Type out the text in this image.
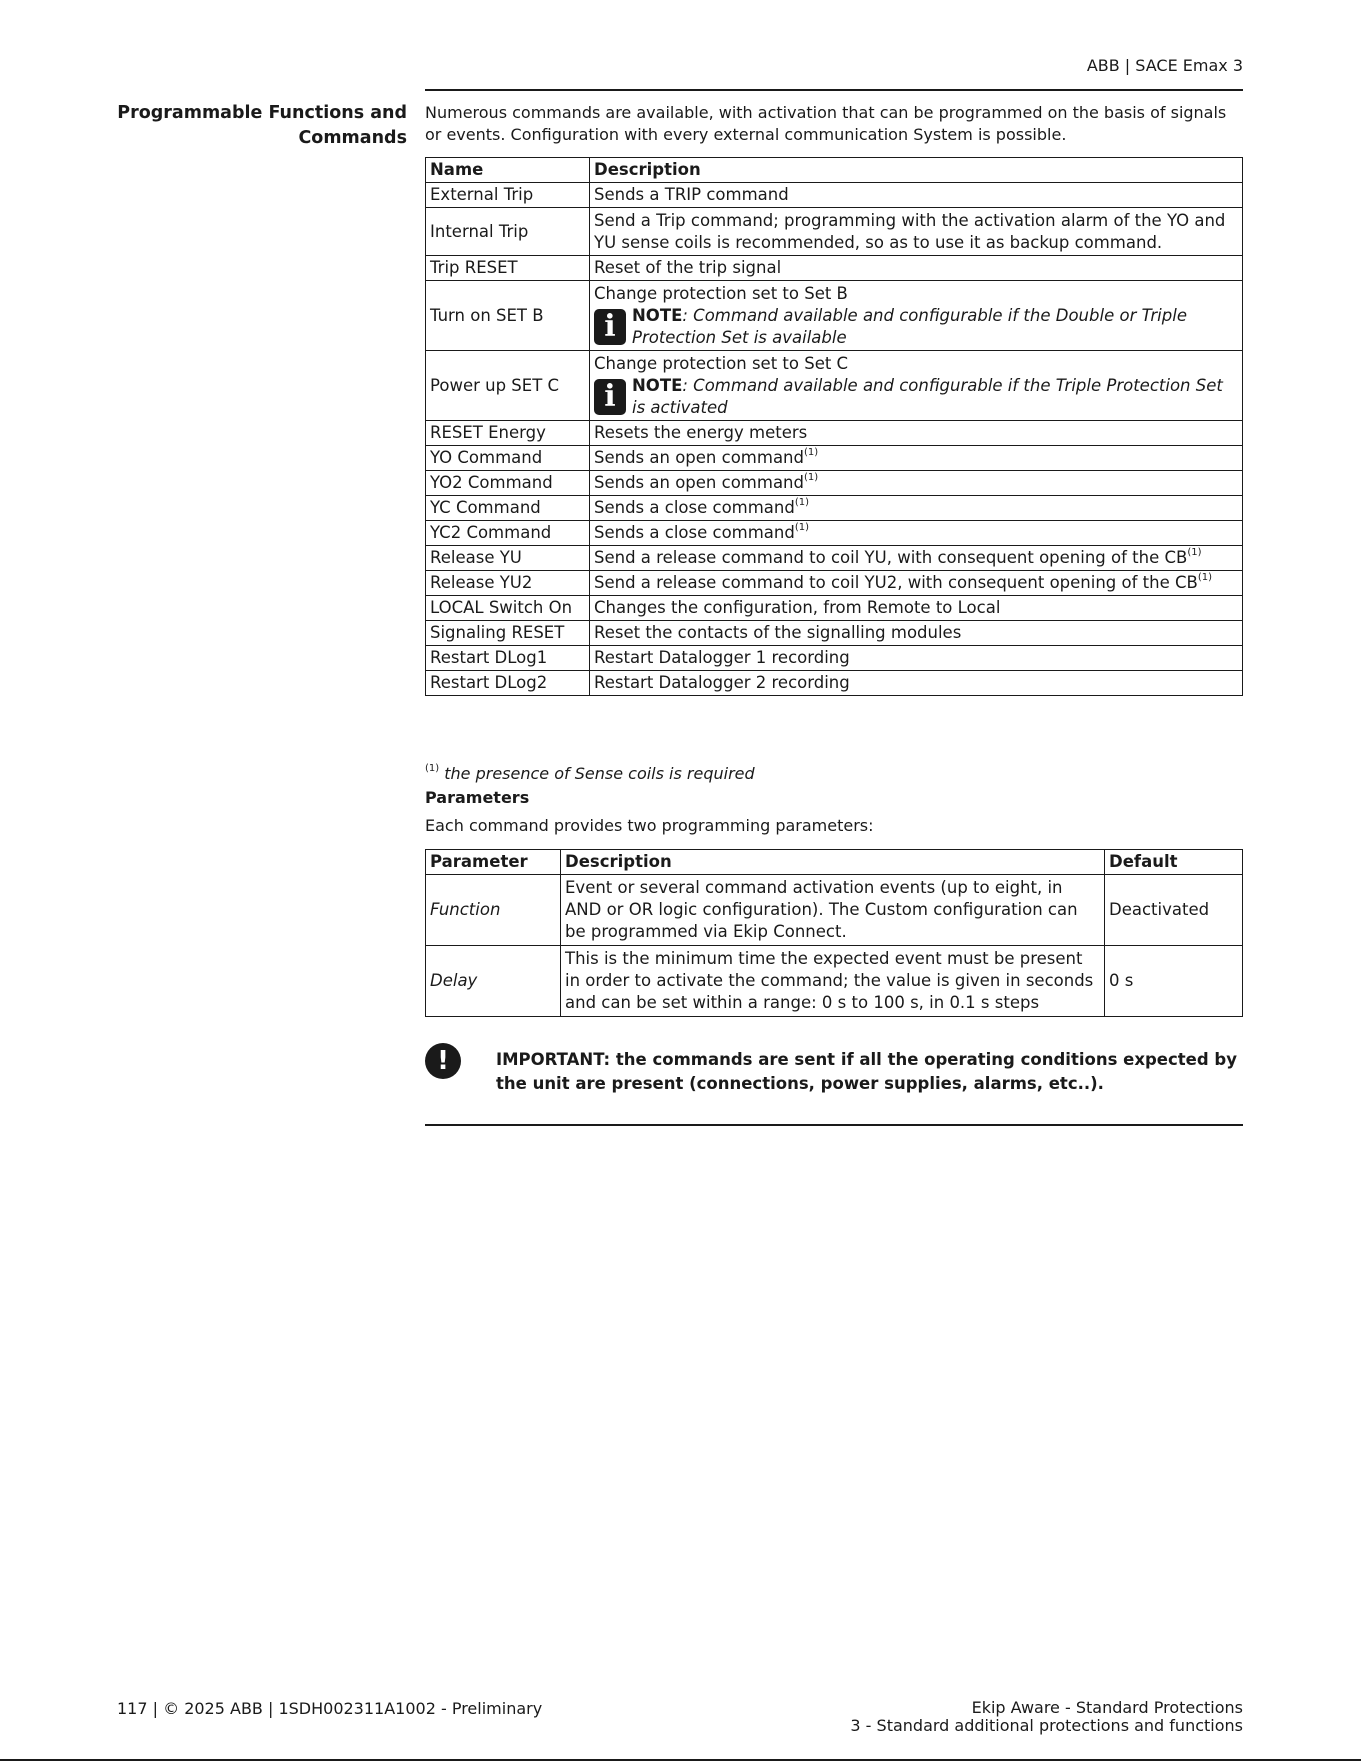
ABB | SACE Emax 3
Programmable Functions and Commands
Numerous commands are available, with activation that can be programmed on the basis of signals or events. Configuration with every external communication System is possible.
Name	Description
External Trip	Sends a TRIP command
Internal Trip	Send a Trip command; programming with the activation alarm of the YO and YU sense coils is recommended, so as to use it as backup command.
Trip RESET	Reset of the trip signal
Turn on SET B	Change protection set to Set B
i NOTE: Command available and configurable if the Double or Triple Protection Set is available

Power up SET C	Change protection set to Set C
i NOTE: Command available and configurable if the Triple Protection Set is activated

RESET Energy	Resets the energy meters
YO Command	Sends an open command$^{(1)}$
YO2 Command	Sends an open command$^{(1)}$
YC Command	Sends a close command$^{(1)}$
YC2 Command	Sends a close command$^{(1)}$
Release YU	Send a release command to coil YU, with consequent opening of the CB$^{(1)}$
Release YU2	Send a release command to coil YU2, with consequent opening of the CB$^{(1)}$
LOCAL Switch On	Changes the configuration, from Remote to Local
Signaling RESET	Reset the contacts of the signalling modules
Restart DLog1	Restart Datalogger 1 recording
Restart DLog2	Restart Datalogger 2 recording
$^{(1)}$ the presence of Sense coils is required
Parameters
Each command provides two programming parameters:
Parameter	Description	Default
Function	Event or several command activation events (up to eight, in AND or OR logic configuration). The Custom configuration can be programmed via Ekip Connect.	Deactivated
Delay	This is the minimum time the expected event must be present in order to activate the command; the value is given in seconds and can be set within a range: 0 s to 100 s, in 0.1 s steps	0 s
!	IMPORTANT: the commands are sent if all the operating conditions expected by the unit are present (connections, power supplies, alarms, etc..).
117 | © 2025 ABB | 1SDH002311A1002 - Preliminary	Ekip Aware - Standard Protections
3 - Standard additional protections and functions
